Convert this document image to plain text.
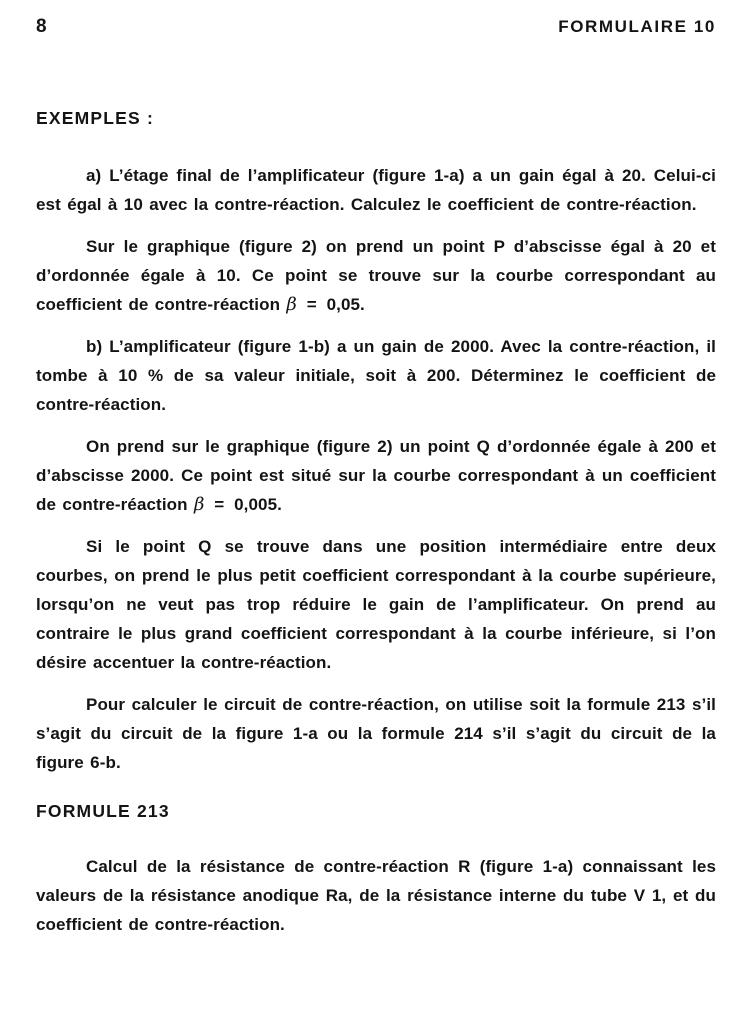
8	FORMULAIRE 10
EXEMPLES :

a) L’étage final de l’amplificateur (figure 1-a) a un gain égal à 20. Celui-ci est égal à 10 avec la contre-réaction. Calculez le coefficient de contre-réaction.

Sur le graphique (figure 2) on prend un point P d’abscisse égal à 20 et d’ordonnée égale à 10. Ce point se trouve sur la courbe correspondant au coefficient de contre-réaction β = 0,05.

b) L’amplificateur (figure 1-b) a un gain de 2000. Avec la contre-réaction, il tombe à 10 % de sa valeur initiale, soit à 200. Déterminez le coefficient de contre-réaction.

On prend sur le graphique (figure 2) un point Q d’ordonnée égale à 200 et d’abscisse 2000. Ce point est situé sur la courbe correspondant à un coefficient de contre-réaction β = 0,005.

Si le point Q se trouve dans une position intermédiaire entre deux courbes, on prend le plus petit coefficient correspondant à la courbe supérieure, lorsqu’on ne veut pas trop réduire le gain de l’amplificateur. On prend au contraire le plus grand coefficient correspondant à la courbe inférieure, si l’on désire accentuer la contre-réaction.

Pour calculer le circuit de contre-réaction, on utilise soit la formule 213 s’il s’agit du circuit de la figure 1-a ou la formule 214 s’il s’agit du circuit de la figure 6-b.

FORMULE 213

Calcul de la résistance de contre-réaction R (figure 1-a) connaissant les valeurs de la résistance anodique Ra, de la résistance interne du tube V 1, et du coefficient de contre-réaction.
